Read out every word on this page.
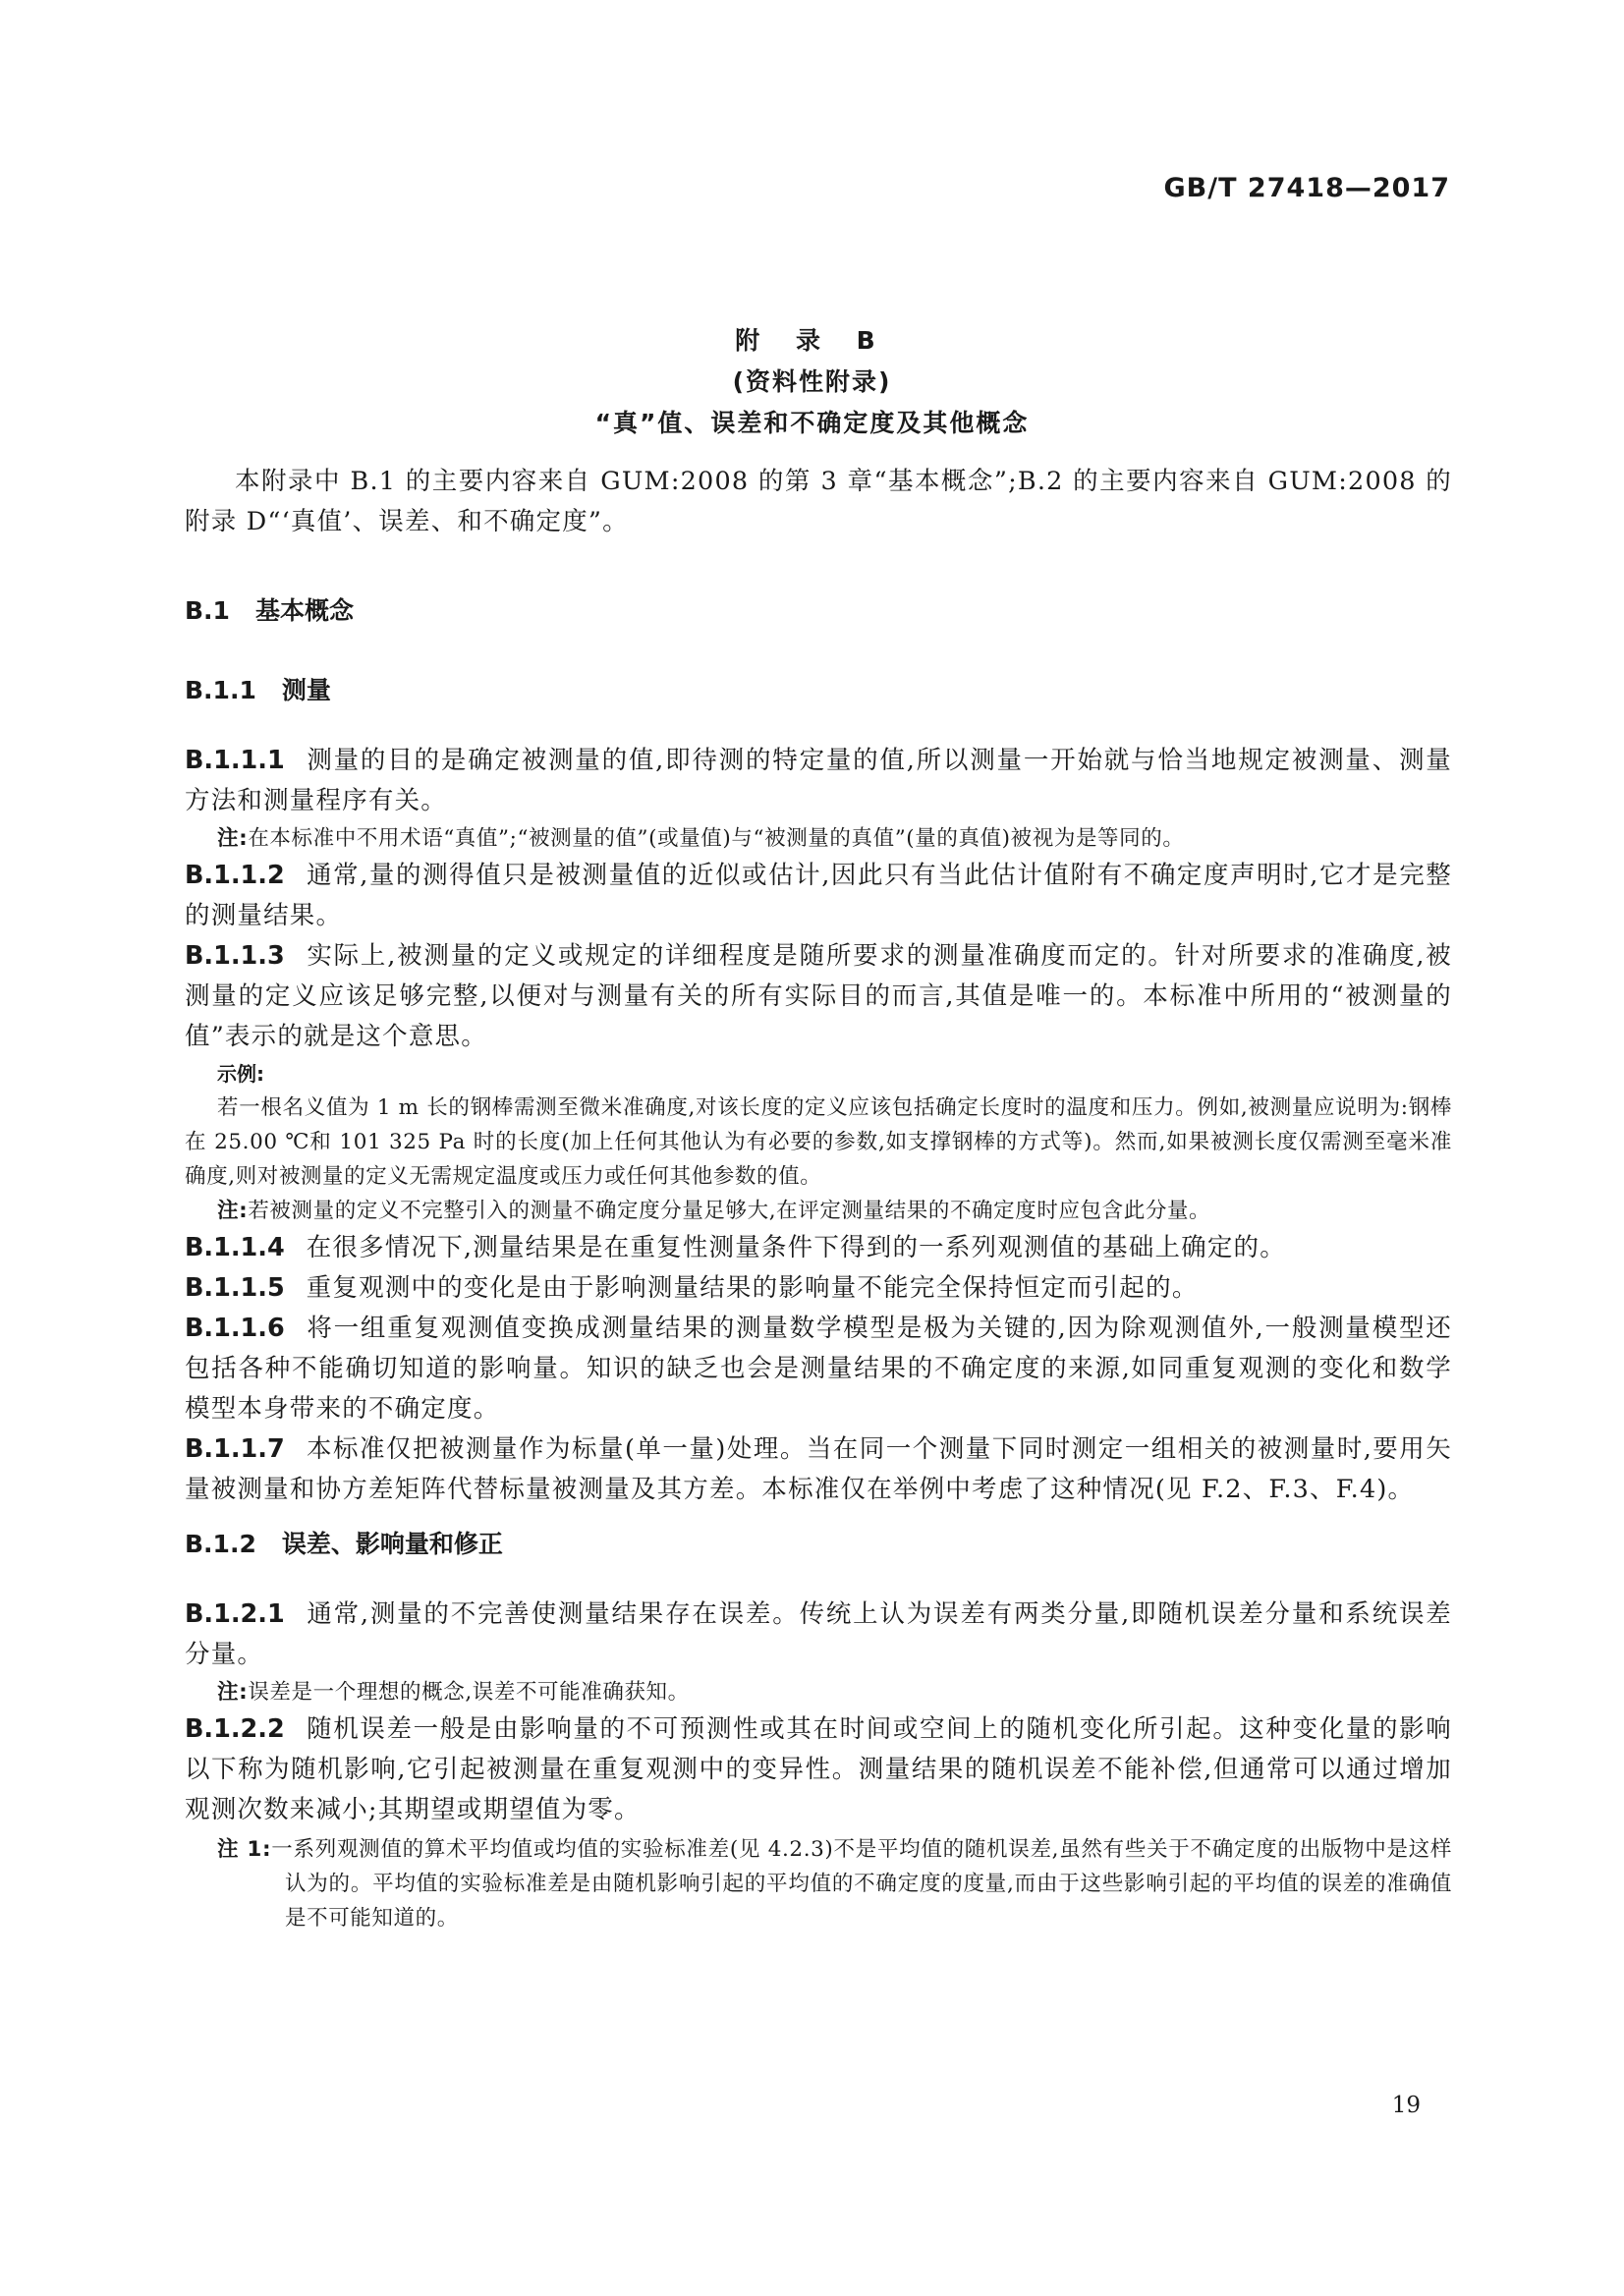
GB/T 27418—2017
附 录 B
(资料性附录)
“真”值、误差和不确定度及其他概念

本附录中 B.1 的主要内容来自 GUM:2008 的第 3 章“基本概念”;B.2 的主要内容来自 GUM:2008 的附录 D“‘真值’、误差、和不确定度”。

B.1 基本概念
B.1.1 测量

B.1.1.1 测量的目的是确定被测量的值,即待测的特定量的值,所以测量一开始就与恰当地规定被测量、测量方法和测量程序有关。

注:在本标准中不用术语“真值”;“被测量的值”(或量值)与“被测量的真值”(量的真值)被视为是等同的。

B.1.1.2 通常,量的测得值只是被测量值的近似或估计,因此只有当此估计值附有不确定度声明时,它才是完整的测量结果。

B.1.1.3 实际上,被测量的定义或规定的详细程度是随所要求的测量准确度而定的。针对所要求的准确度,被测量的定义应该足够完整,以便对与测量有关的所有实际目的而言,其值是唯一的。本标准中所用的“被测量的值”表示的就是这个意思。

示例:

若一根名义值为 1 m 长的钢棒需测至微米准确度,对该长度的定义应该包括确定长度时的温度和压力。例如,被测量应说明为:钢棒在 25.00 ℃和 101 325 Pa 时的长度(加上任何其他认为有必要的参数,如支撑钢棒的方式等)。然而,如果被测长度仅需测至毫米准确度,则对被测量的定义无需规定温度或压力或任何其他参数的值。

注:若被测量的定义不完整引入的测量不确定度分量足够大,在评定测量结果的不确定度时应包含此分量。

B.1.1.4 在很多情况下,测量结果是在重复性测量条件下得到的一系列观测值的基础上确定的。

B.1.1.5 重复观测中的变化是由于影响测量结果的影响量不能完全保持恒定而引起的。

B.1.1.6 将一组重复观测值变换成测量结果的测量数学模型是极为关键的,因为除观测值外,一般测量模型还包括各种不能确切知道的影响量。知识的缺乏也会是测量结果的不确定度的来源,如同重复观测的变化和数学模型本身带来的不确定度。

B.1.1.7 本标准仅把被测量作为标量(单一量)处理。当在同一个测量下同时测定一组相关的被测量时,要用矢量被测量和协方差矩阵代替标量被测量及其方差。本标准仅在举例中考虑了这种情况(见 F.2、F.3、F.4)。

B.1.2 误差、影响量和修正

B.1.2.1 通常,测量的不完善使测量结果存在误差。传统上认为误差有两类分量,即随机误差分量和系统误差分量。

注:误差是一个理想的概念,误差不可能准确获知。

B.1.2.2 随机误差一般是由影响量的不可预测性或其在时间或空间上的随机变化所引起。这种变化量的影响以下称为随机影响,它引起被测量在重复观测中的变异性。测量结果的随机误差不能补偿,但通常可以通过增加观测次数来减小;其期望或期望值为零。

注 1:一系列观测值的算术平均值或均值的实验标准差(见 4.2.3)不是平均值的随机误差,虽然有些关于不确定度的出版物中是这样认为的。平均值的实验标准差是由随机影响引起的平均值的不确定度的度量,而由于这些影响引起的平均值的误差的准确值是不可能知道的。

19
